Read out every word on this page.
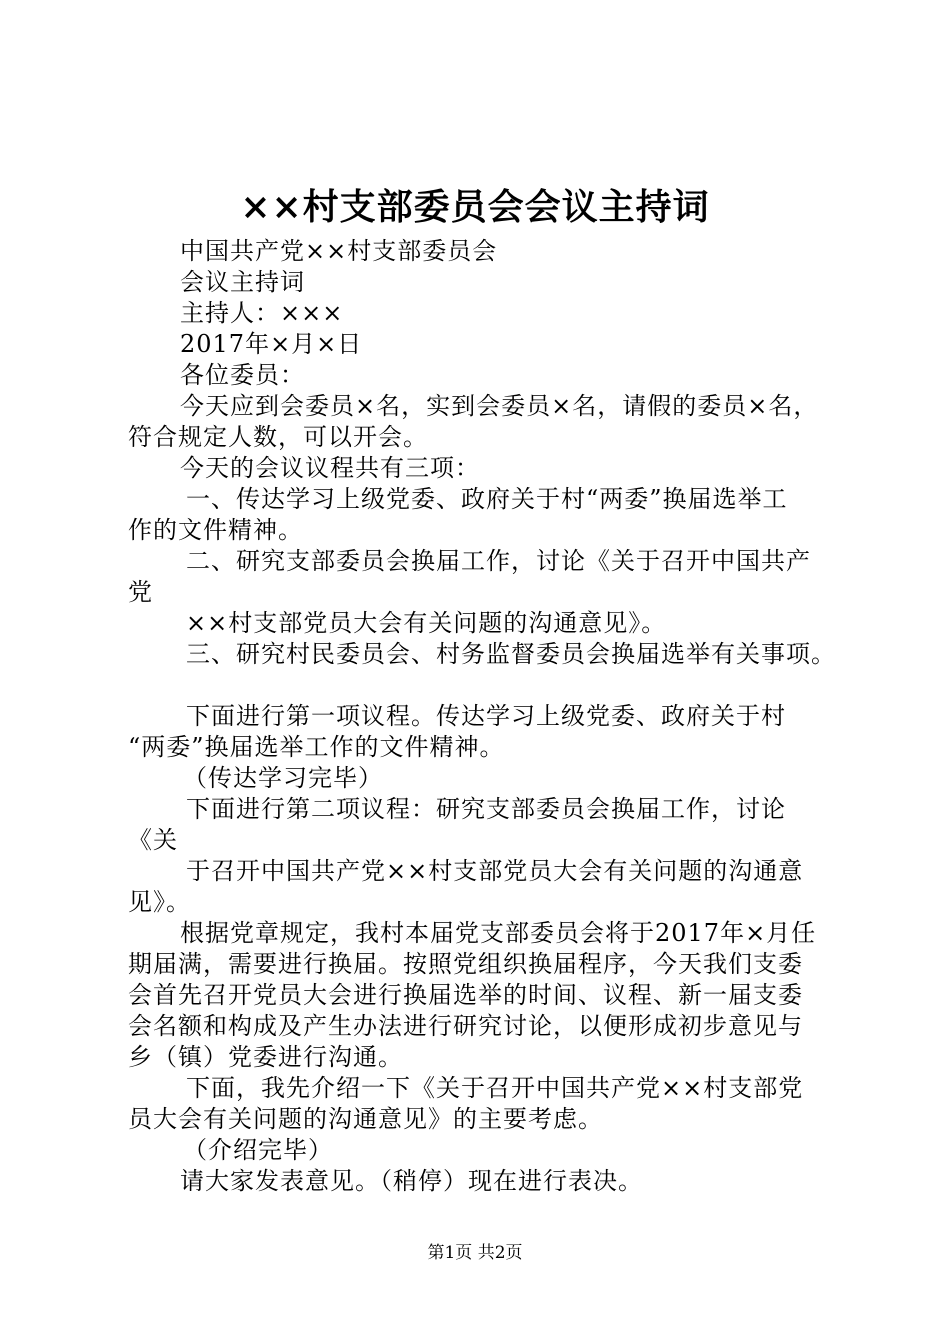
××村支部委员会会议主持词
中国共产党××村支部委员会
会议主持词
主持人：×××
2017年×月×日
各位委员：
今天应到会委员×名，实到会委员×名，请假的委员×名，
符合规定人数，可以开会。
今天的会议议程共有三项：
一、传达学习上级党委、政府关于村“两委”换届选举工
作的文件精神。
二、研究支部委员会换届工作，讨论《关于召开中国共产
党
××村支部党员大会有关问题的沟通意见》。
三、研究村民委员会、村务监督委员会换届选举有关事项。
下面进行第一项议程。传达学习上级党委、政府关于村
“两委”换届选举工作的文件精神。
（传达学习完毕）
下面进行第二项议程：研究支部委员会换届工作，讨论
《关
于召开中国共产党××村支部党员大会有关问题的沟通意
见》。
根据党章规定，我村本届党支部委员会将于2017年×月任
期届满，需要进行换届。按照党组织换届程序，今天我们支委
会首先召开党员大会进行换届选举的时间、议程、新一届支委
会名额和构成及产生办法进行研究讨论，以便形成初步意见与
乡（镇）党委进行沟通。
下面，我先介绍一下《关于召开中国共产党××村支部党
员大会有关问题的沟通意见》的主要考虑。
（介绍完毕）
请大家发表意见。（稍停）现在进行表决。
第1页 共2页
